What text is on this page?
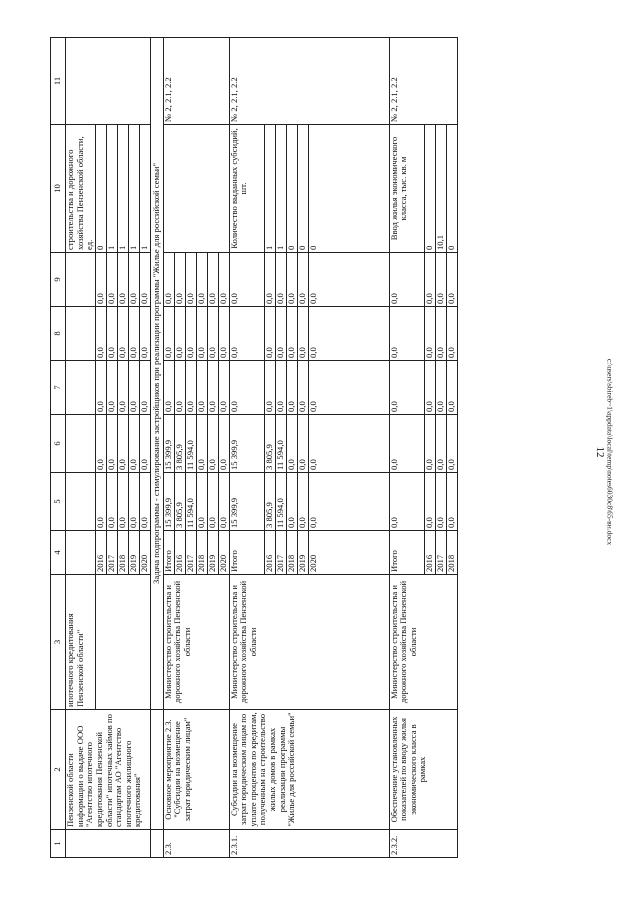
12 c:\users\sbireb~1\appdata\local\temp\notes6030c8\65-вн.docx
1	2	3	4	5	6	7	8	9	10	11
	Пензенской области информации о выдаче ООО "Агентство ипотечного кредитования Пензенской области" ипотечных займов по стандартам АО "Агентство ипотечного жилищного кредитования"	ипотечного кредитования Пензенской области"							строительства и дорожного хозяйства Пензенской области, ед.	
			2016	0,0	0,0	0,0	0,0	0,0	0	
			2017	0,0	0,0	0,0	0,0	0,0	1	
			2018	0,0	0,0	0,0	0,0	0,0	1	
			2019	0,0	0,0	0,0	0,0	0,0	1	
			2020	0,0	0,0	0,0	0,0	0,0	1	
		Задача подпрограммы - стимулирование застройщиков при реализации программы "Жилье для российской семьи"								
2.3.	Основное мероприятие 2.3. "Субсидии на возмещение затрат юридическим лицам"	Министерство строительства и дорожного хозяйства Пензенской области	Итого	15 399,9	15 399,9	0,0	0,0	0,0		№ 2, 2.1, 2.2
			2016	3 805,9	3 805,9	0,0	0,0	0,0		
			2017	11 594,0	11 594,0	0,0	0,0	0,0		
			2018	0,0	0,0	0,0	0,0	0,0		
			2019	0,0	0,0	0,0	0,0	0,0		
			2020	0,0	0,0	0,0	0,0	0,0		
2.3.1.	Субсидии на возмещение затрат юридическим лицам по уплате процентов по кредитам, полученным на строительство жилых домов в рамках реализации программы "Жилье для российской семьи"	Министерство строительства и дорожного хозяйства Пензенской области	Итого	15 399,9	15 399,9	0,0	0,0	0,0	Количество выданных субсидий, шт.	№ 2, 2.1, 2.2
			2016	3 805,9	3 805,9	0,0	0,0	0,0	1	
			2017	11 594,0	11 594,0	0,0	0,0	0,0	1	
			2018	0,0	0,0	0,0	0,0	0,0	0	
			2019	0,0	0,0	0,0	0,0	0,0	0	
			2020	0,0	0,0	0,0	0,0	0,0	0	
2.3.2.	Обеспечение установленных показателей по вводу жилья экономического класса в рамках	Министерство строительства и дорожного хозяйства Пензенской области	Итого	0,0	0,0	0,0	0,0	0,0	Ввод жилья экономического класса, тыс. кв. м	№ 2, 2.1, 2.2
			2016	0,0	0,0	0,0	0,0	0,0	0	
			2017	0,0	0,0	0,0	0,0	0,0	10,1	
			2018	0,0	0,0	0,0	0,0	0,0	0	
